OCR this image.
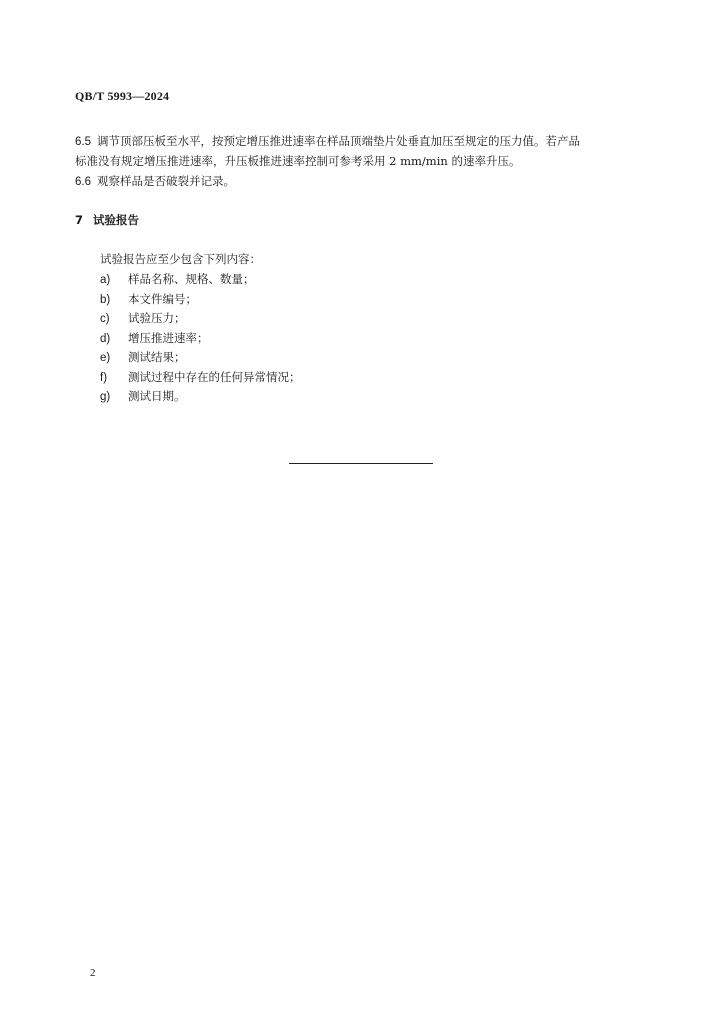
QB/T 5993—2024
6.5 调节顶部压板至水平，按预定增压推进速率在样品顶端垫片处垂直加压至规定的压力值。若产品
标准没有规定增压推进速率，升压板推进速率控制可参考采用 2 mm/min 的速率升压。
6.6 观察样品是否破裂并记录。
7 试验报告
试验报告应至少包含下列内容：
a) 样品名称、规格、数量；
b) 本文件编号；
c) 试验压力；
d) 增压推进速率；
e) 测试结果；
f) 测试过程中存在的任何异常情况；
g) 测试日期。
2
